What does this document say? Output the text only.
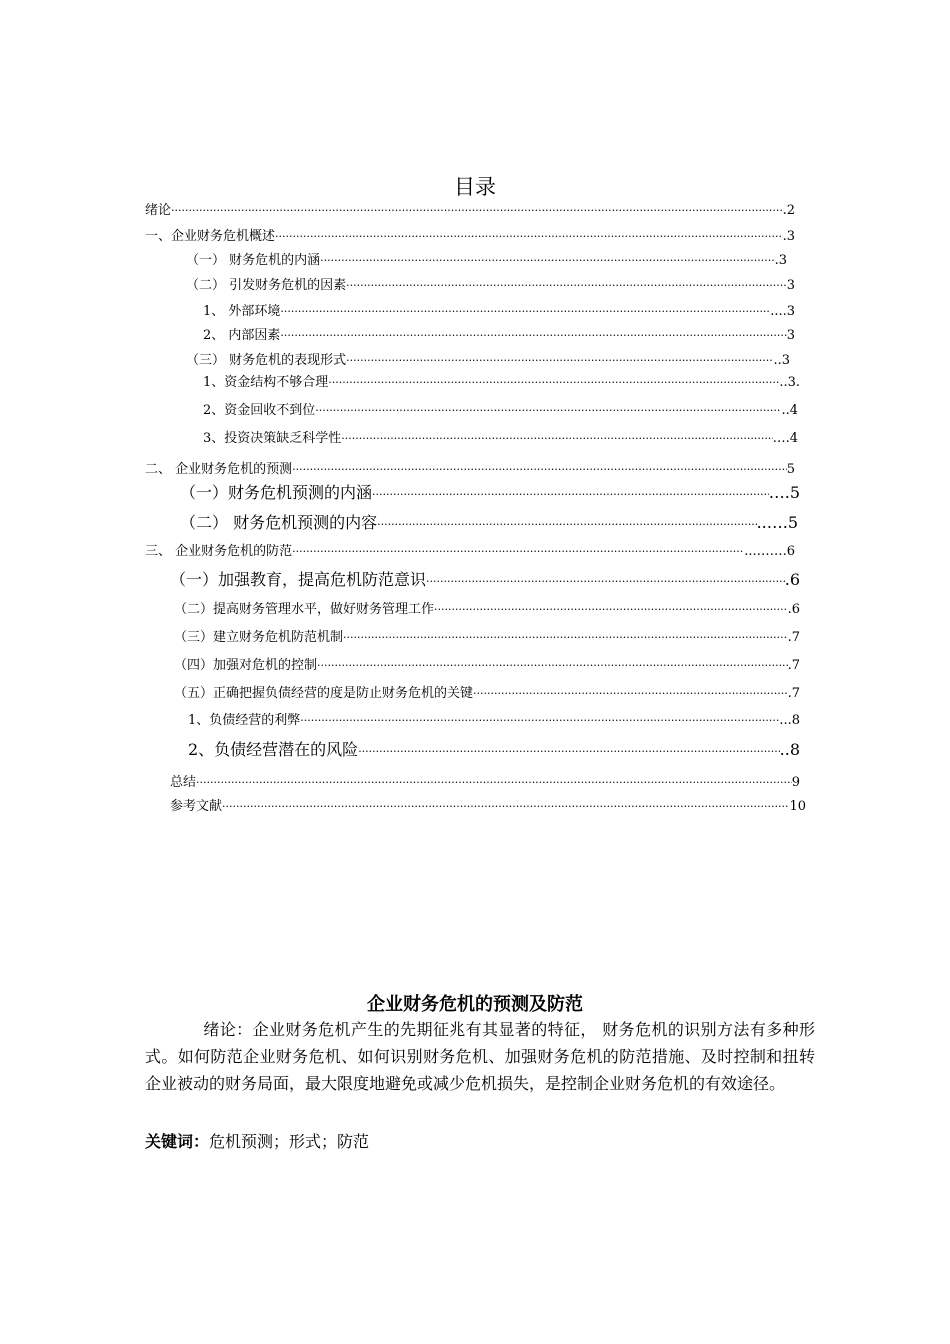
目录
绪论 ·····	.2
一、企业财务危机概述 ·····	.3
（一） 财务危机的内涵 ·····	.3
（二） 引发财务危机的因素 ·····	3
1、 外部环境 ·····	....3
2、 内部因素 ·····	3
（三） 财务危机的表现形式 ·····	..3
1、资金结构不够合理 ·····	..3.
2、资金回收不到位 ·····	..4
3、投资决策缺乏科学性 ·····	….4
二、 企业财务危机的预测 ·····	5
（一）财务危机预测的内涵 ·····	….5
（二） 财务危机预测的内容 ·····	..….5
三、 企业财务危机的防范 ·····	...…….6
（一）加强教育，提高危机防范意识 ·····	.6
（二）提高财务管理水平，做好财务管理工作 ·····	.6
（三）建立财务危机防范机制 ·····	.7
（四）加强对危机的控制 ·····	.7
（五）正确把握负债经营的度是防止财务危机的关键 ·····	.7
1、负债经营的利弊 ·····	...8
2、负债经营潜在的风险 ·····	..8
总结 ·····	9
参考文献 ·····	10
企业财务危机的预测及防范
绪论：企业财务危机产生的先期征兆有其显著的特征， 财务危机的识别方法有多种形式。如何防范企业财务危机、如何识别财务危机、加强财务危机的防范措施、及时控制和扭转企业被动的财务局面，最大限度地避免或减少危机损失，是控制企业财务危机的有效途径。
关键词：危机预测；形式；防范
